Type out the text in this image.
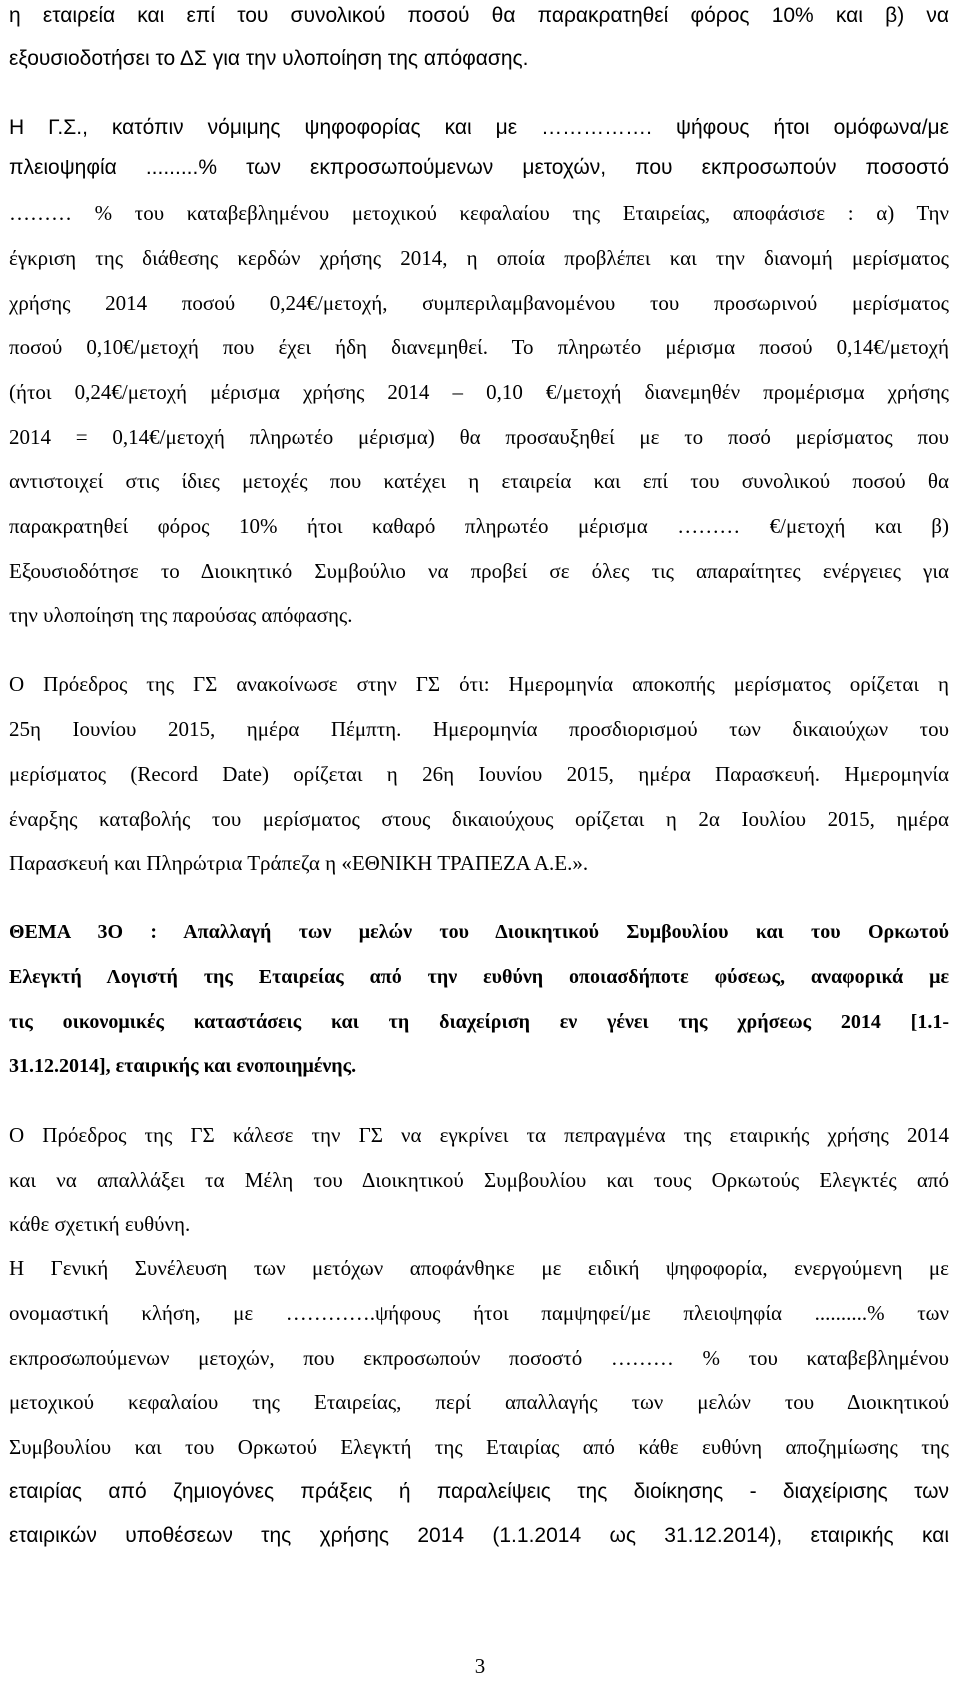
η εταιρεία και επί του συνολικού ποσού θα παρακρατηθεί φόρος 10% και β) να
εξουσιοδοτήσει το ΔΣ για την υλοποίηση της απόφασης.
Η Γ.Σ., κατόπιν νόμιμης ψηφοφορίας και με ……………. ψήφους ήτοι ομόφωνα/με
πλειοψηφία .........% των εκπροσωπούμενων μετοχών, που εκπροσωπούν ποσοστό
……… % του καταβεβλημένου μετοχικού κεφαλαίου της Εταιρείας, αποφάσισε : α) Την
έγκριση της διάθεσης κερδών χρήσης 2014, η οποία προβλέπει και την διανομή μερίσματος
χρήσης 2014 ποσού 0,24€/μετοχή, συμπεριλαμβανομένου του προσωρινού μερίσματος
ποσού 0,10€/μετοχή που έχει ήδη διανεμηθεί. Το πληρωτέο μέρισμα ποσού 0,14€/μετοχή
(ήτοι 0,24€/μετοχή μέρισμα χρήσης 2014 – 0,10 €/μετοχή διανεμηθέν προμέρισμα χρήσης
2014 = 0,14€/μετοχή πληρωτέο μέρισμα) θα προσαυξηθεί με το ποσό μερίσματος που
αντιστοιχεί στις ίδιες μετοχές που κατέχει η εταιρεία και επί του συνολικού ποσού θα
παρακρατηθεί φόρος 10% ήτοι καθαρό πληρωτέο μέρισμα ……… €/μετοχή και β)
Εξουσιοδότησε το Διοικητικό Συμβούλιο να προβεί σε όλες τις απαραίτητες ενέργειες για
την υλοποίηση της παρούσας απόφασης.
Ο Πρόεδρος της ΓΣ ανακοίνωσε στην ΓΣ ότι: Ημερομηνία αποκοπής μερίσματος ορίζεται η
25η Ιουνίου 2015, ημέρα Πέμπτη. Ημερομηνία προσδιορισμού των δικαιούχων του
μερίσματος (Record Date) ορίζεται η 26η Ιουνίου 2015, ημέρα Παρασκευή. Ημερομηνία
έναρξης καταβολής του μερίσματος στους δικαιούχους ορίζεται η 2α Ιουλίου 2015, ημέρα
Παρασκευή και Πληρώτρια Τράπεζα η «ΕΘΝΙΚΗ ΤΡΑΠΕΖΑ Α.Ε.».
ΘΕΜΑ 3Ο : Απαλλαγή των μελών του Διοικητικού Συμβουλίου και του Ορκωτού
Ελεγκτή Λογιστή της Εταιρείας από την ευθύνη οποιασδήποτε φύσεως, αναφορικά με
τις οικονομικές καταστάσεις και τη διαχείριση εν γένει της χρήσεως 2014 [1.1-
31.12.2014], εταιρικής και ενοποιημένης.
Ο Πρόεδρος της ΓΣ κάλεσε την ΓΣ να εγκρίνει τα πεπραγμένα της εταιρικής χρήσης 2014
και να απαλλάξει τα Μέλη του Διοικητικού Συμβουλίου και τους Ορκωτούς Ελεγκτές από
κάθε σχετική ευθύνη.
Η Γενική Συνέλευση των μετόχων αποφάνθηκε με ειδική ψηφοφορία, ενεργούμενη με
ονομαστική κλήση, με ………….ψήφους ήτοι παμψηφεί/με πλειοψηφία ..........% των
εκπροσωπούμενων μετοχών, που εκπροσωπούν ποσοστό ……… % του καταβεβλημένου
μετοχικού κεφαλαίου της Εταιρείας, περί απαλλαγής των μελών του Διοικητικού
Συμβουλίου και του Ορκωτού Ελεγκτή της Εταιρίας από κάθε ευθύνη αποζημίωσης της
εταιρίας από ζημιογόνες πράξεις ή παραλείψεις της διοίκησης - διαχείρισης των
εταιρικών υποθέσεων της χρήσης 2014 (1.1.2014 ως 31.12.2014), εταιρικής και
3
